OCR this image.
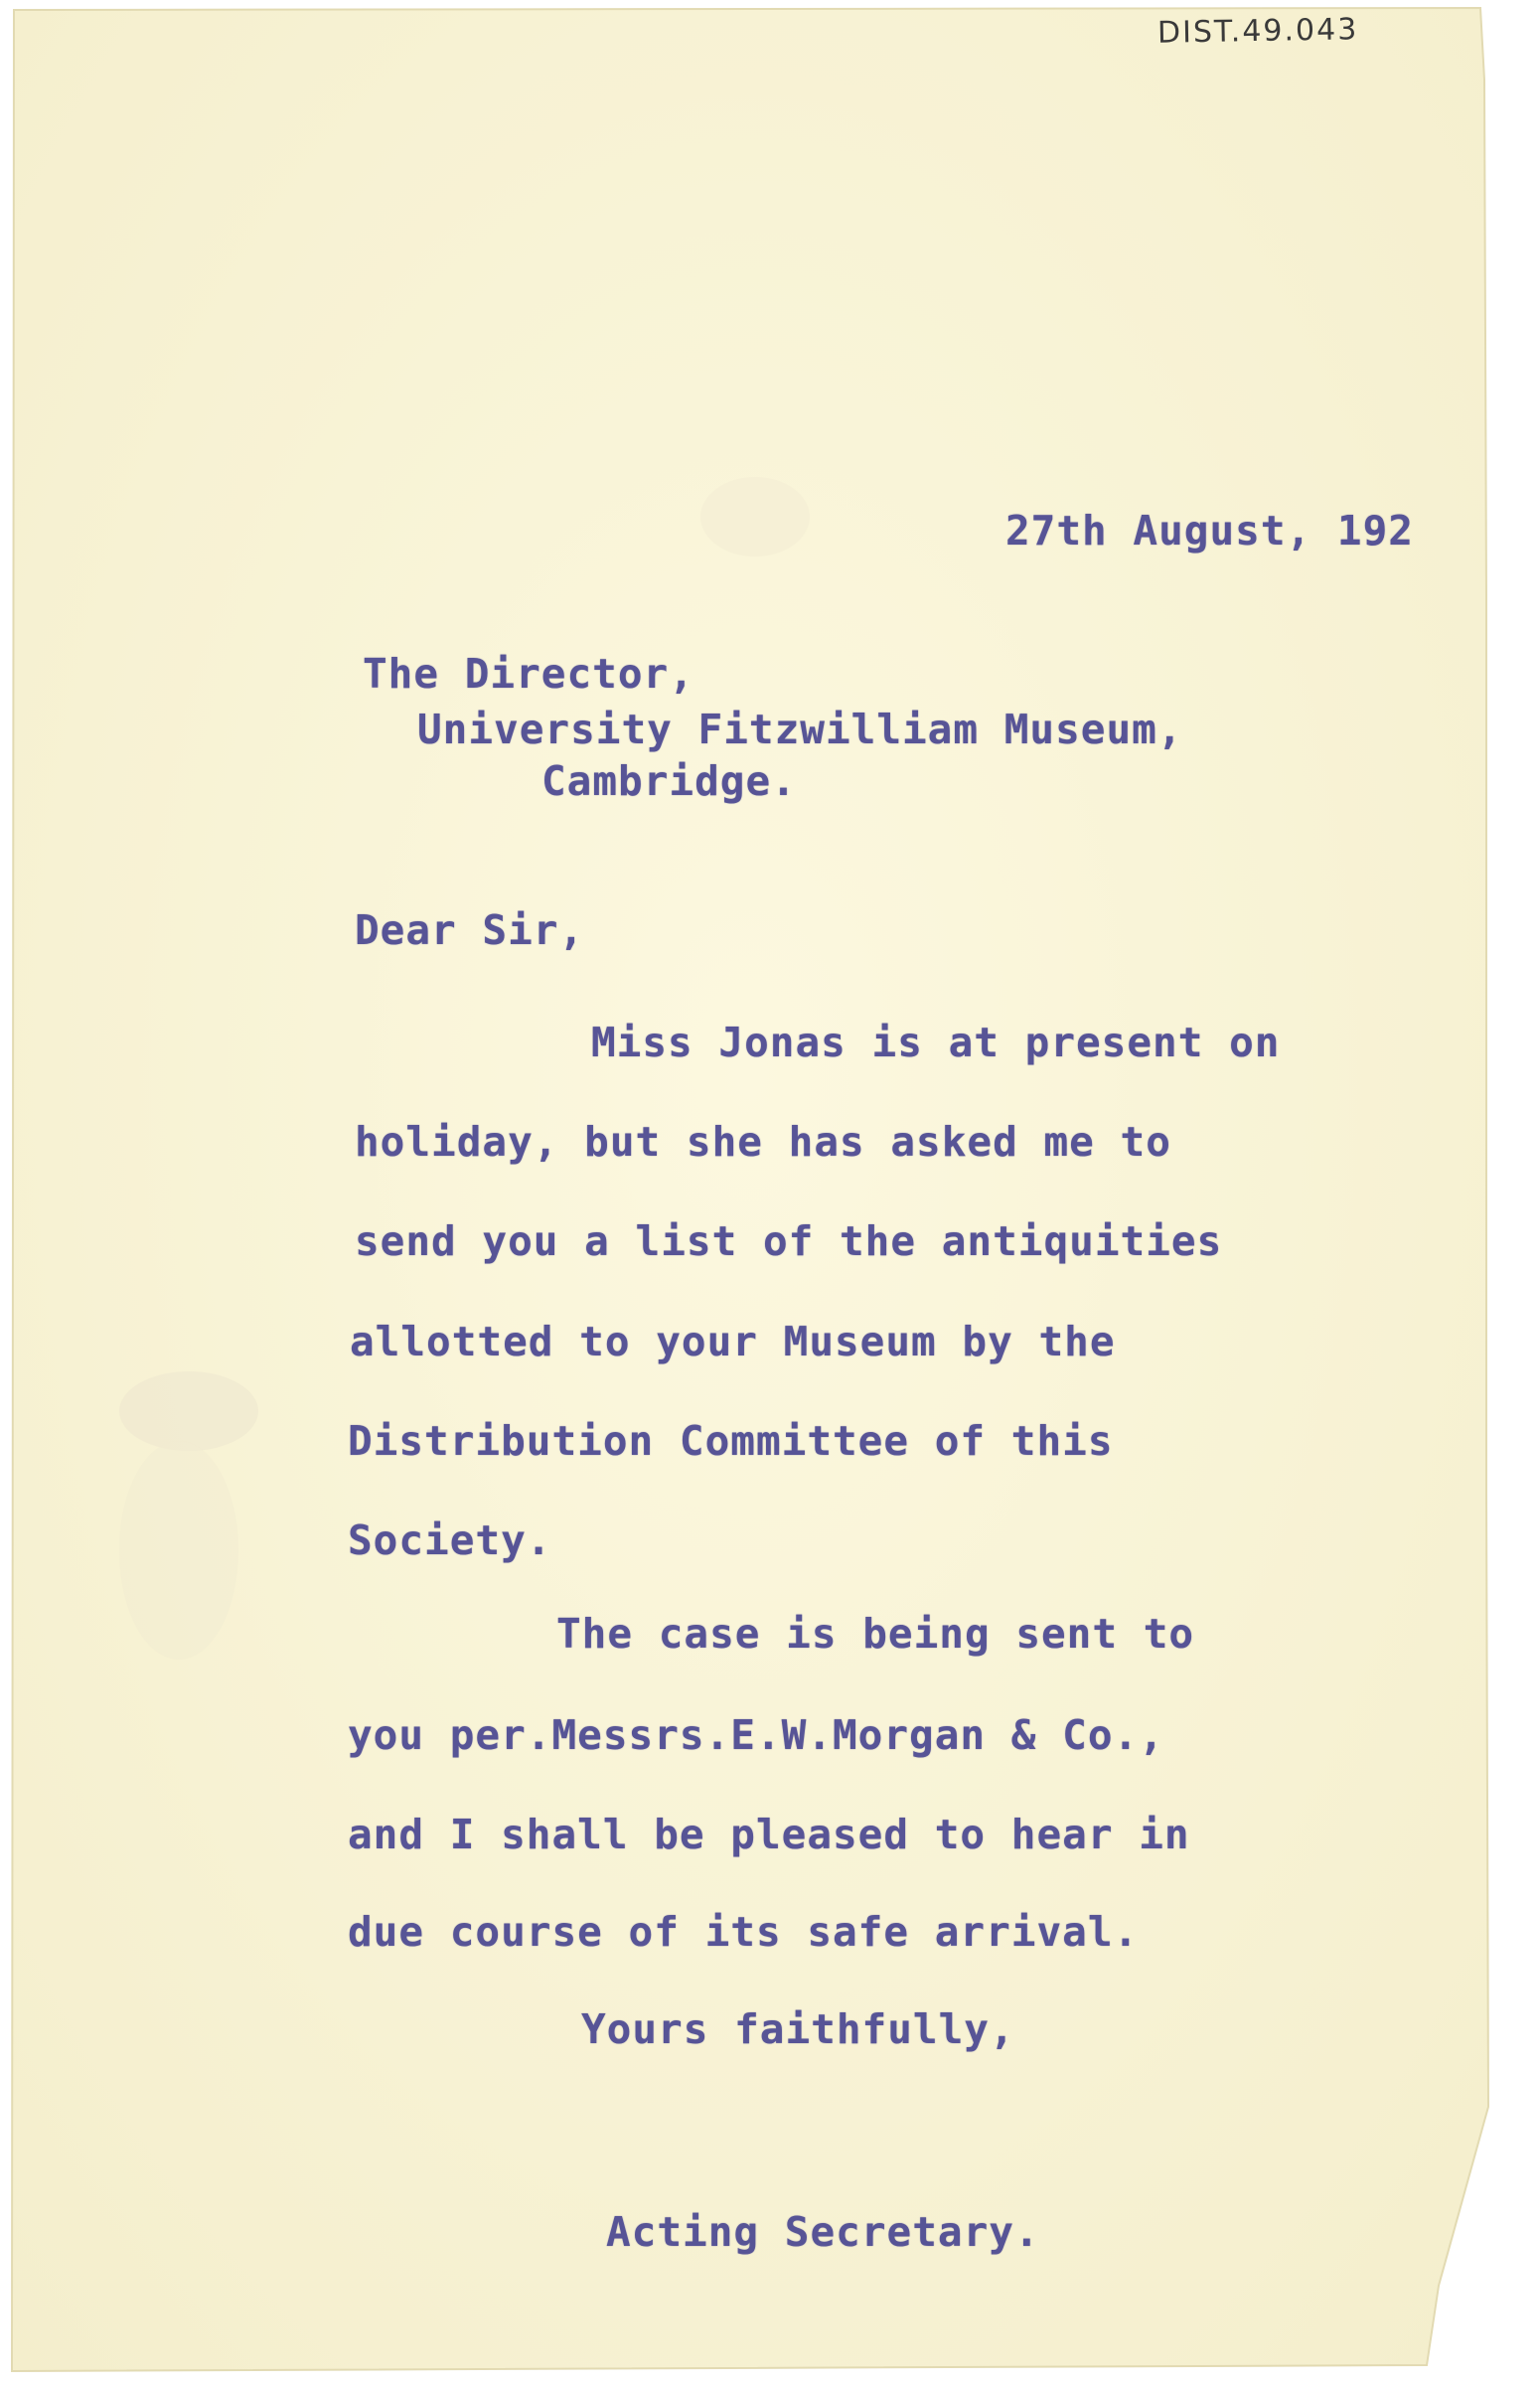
DIST.49.043

27th August, 192

The Director,

University Fitzwilliam Museum,

Cambridge.

Dear Sir,

Miss Jonas is at present on

holiday, but she has asked me to

send you a list of the antiquities

allotted to your Museum by the

Distribution Committee of this

Society.

The case is being sent to

you per.Messrs.E.W.Morgan & Co.,

and I shall be pleased to hear in

due course of its safe arrival.

Yours faithfully,

Acting Secretary.
